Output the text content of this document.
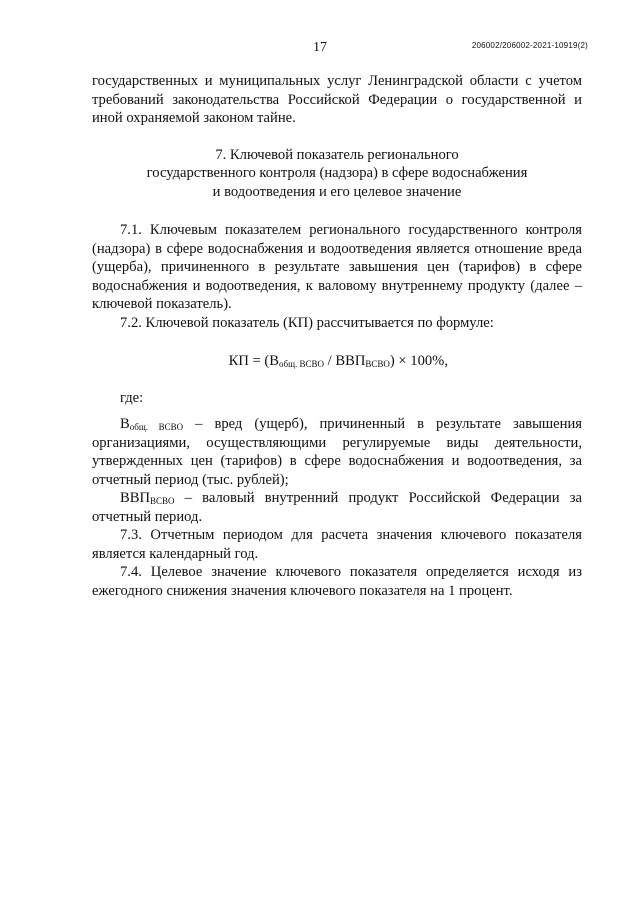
17	206002/206002-2021-10919(2)

государственных и муниципальных услуг Ленинградской области с учетом требований законодательства Российской Федерации о государственной и иной охраняемой законом тайне.

7. Ключевой показатель регионального
государственного контроля (надзора) в сфере водоснабжения
и водоотведения и его целевое значение

7.1. Ключевым показателем регионального государственного контроля (надзора) в сфере водоснабжения и водоотведения является отношение вреда (ущерба), причиненного в результате завышения цен (тарифов) в сфере водоснабжения и водоотведения, к валовому внутреннему продукту (далее – ключевой показатель).

7.2. Ключевой показатель (КП) рассчитывается по формуле:

КП = $(В_{общ. ВСВО} / ВВП_{ВСВО}) \times 100\%$,

где:

$В_{общ. ВСВО}$ – вред (ущерб), причиненный в результате завышения организациями, осуществляющими регулируемые виды деятельности, утвержденных цен (тарифов) в сфере водоснабжения и водоотведения, за отчетный период (тыс. рублей);

$ВВП_{ВСВО}$ – валовый внутренний продукт Российской Федерации за отчетный период.

7.3. Отчетным периодом для расчета значения ключевого показателя является календарный год.

7.4. Целевое значение ключевого показателя определяется исходя из ежегодного снижения значения ключевого показателя на 1 процент.
